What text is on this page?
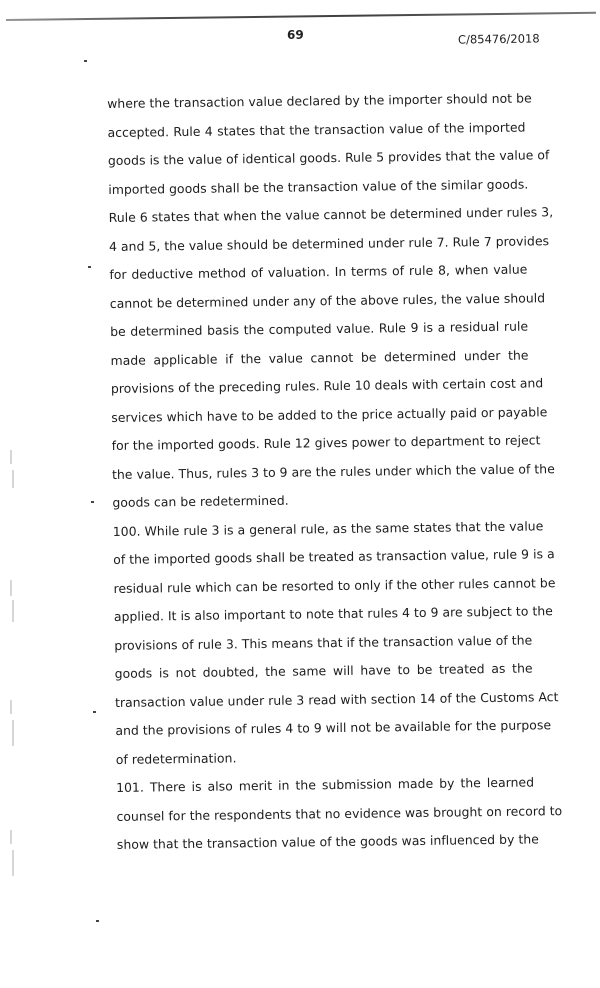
69	C/85476/2018
where the transaction value declared by the importer should not be
accepted. Rule 4 states that the transaction value of the imported
goods is the value of identical goods. Rule 5 provides that the value of
imported goods shall be the transaction value of the similar goods.
Rule 6 states that when the value cannot be determined under rules 3,
4 and 5, the value should be determined under rule 7. Rule 7 provides
for deductive method of valuation. In terms of rule 8, when value
cannot be determined under any of the above rules, the value should
be determined basis the computed value. Rule 9 is a residual rule
made applicable if the value cannot be determined under the
provisions of the preceding rules. Rule 10 deals with certain cost and
services which have to be added to the price actually paid or payable
for the imported goods. Rule 12 gives power to department to reject
the value. Thus, rules 3 to 9 are the rules under which the value of the
goods can be redetermined.
100. While rule 3 is a general rule, as the same states that the value
of the imported goods shall be treated as transaction value, rule 9 is a
residual rule which can be resorted to only if the other rules cannot be
applied. It is also important to note that rules 4 to 9 are subject to the
provisions of rule 3. This means that if the transaction value of the
goods is not doubted, the same will have to be treated as the
transaction value under rule 3 read with section 14 of the Customs Act
and the provisions of rules 4 to 9 will not be available for the purpose
of redetermination.
101. There is also merit in the submission made by the learned
counsel for the respondents that no evidence was brought on record to
show that the transaction value of the goods was influenced by the
